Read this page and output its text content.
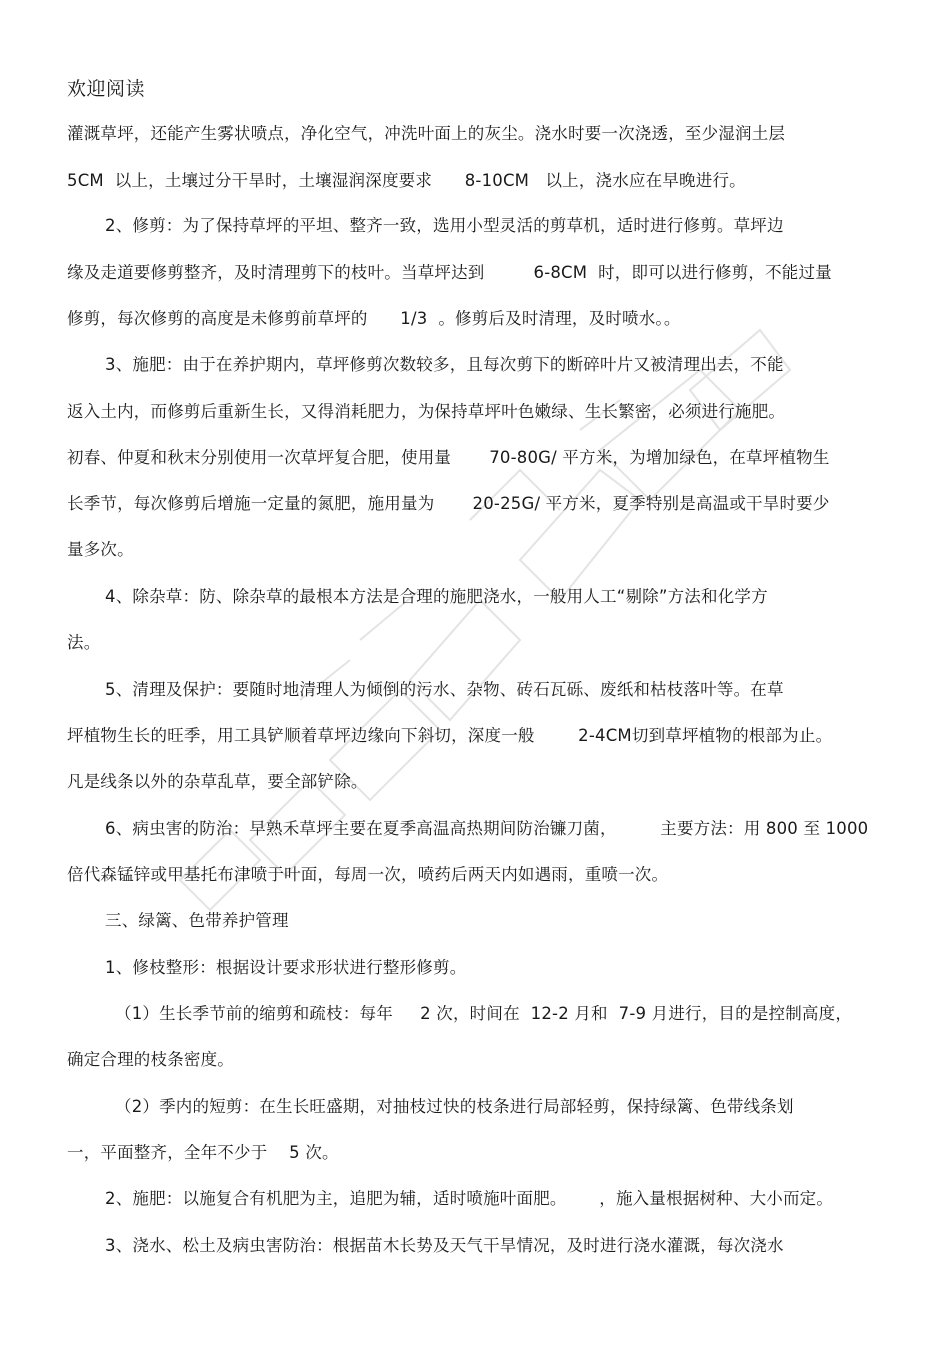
欢迎阅读
灌溉草坪，还能产生雾状喷点，净化空气，冲洗叶面上的灰尘。浇水时要一次浇透，至少湿润土层
5CM  以上，土壤过分干旱时，土壤湿润深度要求      8-10CM   以上，浇水应在早晚进行。
2、修剪：为了保持草坪的平坦、整齐一致，选用小型灵活的剪草机，适时进行修剪。草坪边
缘及走道要修剪整齐，及时清理剪下的枝叶。当草坪达到         6-8CM  时，即可以进行修剪，不能过量
修剪，每次修剪的高度是未修剪前草坪的      1/3  。修剪后及时清理，及时喷水。。
3、施肥：由于在养护期内，草坪修剪次数较多，且每次剪下的断碎叶片又被清理出去，不能
返入土内，而修剪后重新生长，又得消耗肥力，为保持草坪叶色嫩绿、生长繁密，必须进行施肥。
初春、仲夏和秋末分别使用一次草坪复合肥，使用量       70-80G/ 平方米，为增加绿色，在草坪植物生
长季节，每次修剪后增施一定量的氮肥，施用量为       20-25G/ 平方米，夏季特别是高温或干旱时要少
量多次。
4、除杂草：防、除杂草的最根本方法是合理的施肥浇水，一般用人工“剔除”方法和化学方
法。
5、清理及保护：要随时地清理人为倾倒的污水、杂物、砖石瓦砾、废纸和枯枝落叶等。在草
坪植物生长的旺季，用工具铲顺着草坪边缘向下斜切，深度一般        2-4CM切到草坪植物的根部为止。
凡是线条以外的杂草乱草，要全部铲除。
6、病虫害的防治：早熟禾草坪主要在夏季高温高热期间防治镰刀菌，        主要方法：用 800 至 1000
倍代森锰锌或甲基托布津喷于叶面，每周一次，喷药后两天内如遇雨，重喷一次。
三、绿篱、色带养护管理
1、修枝整形：根据设计要求形状进行整形修剪。
（1）生长季节前的缩剪和疏枝：每年     2 次，时间在  12-2 月和  7-9 月进行，目的是控制高度，
确定合理的枝条密度。
（2）季内的短剪：在生长旺盛期，对抽枝过快的枝条进行局部轻剪，保持绿篱、色带线条划
一，平面整齐，全年不少于    5 次。
2、施肥：以施复合有机肥为主，追肥为辅，适时喷施叶面肥。      ，施入量根据树种、大小而定。
3、浇水、松土及病虫害防治：根据苗木长势及天气干旱情况，及时进行浇水灌溉，每次浇水
